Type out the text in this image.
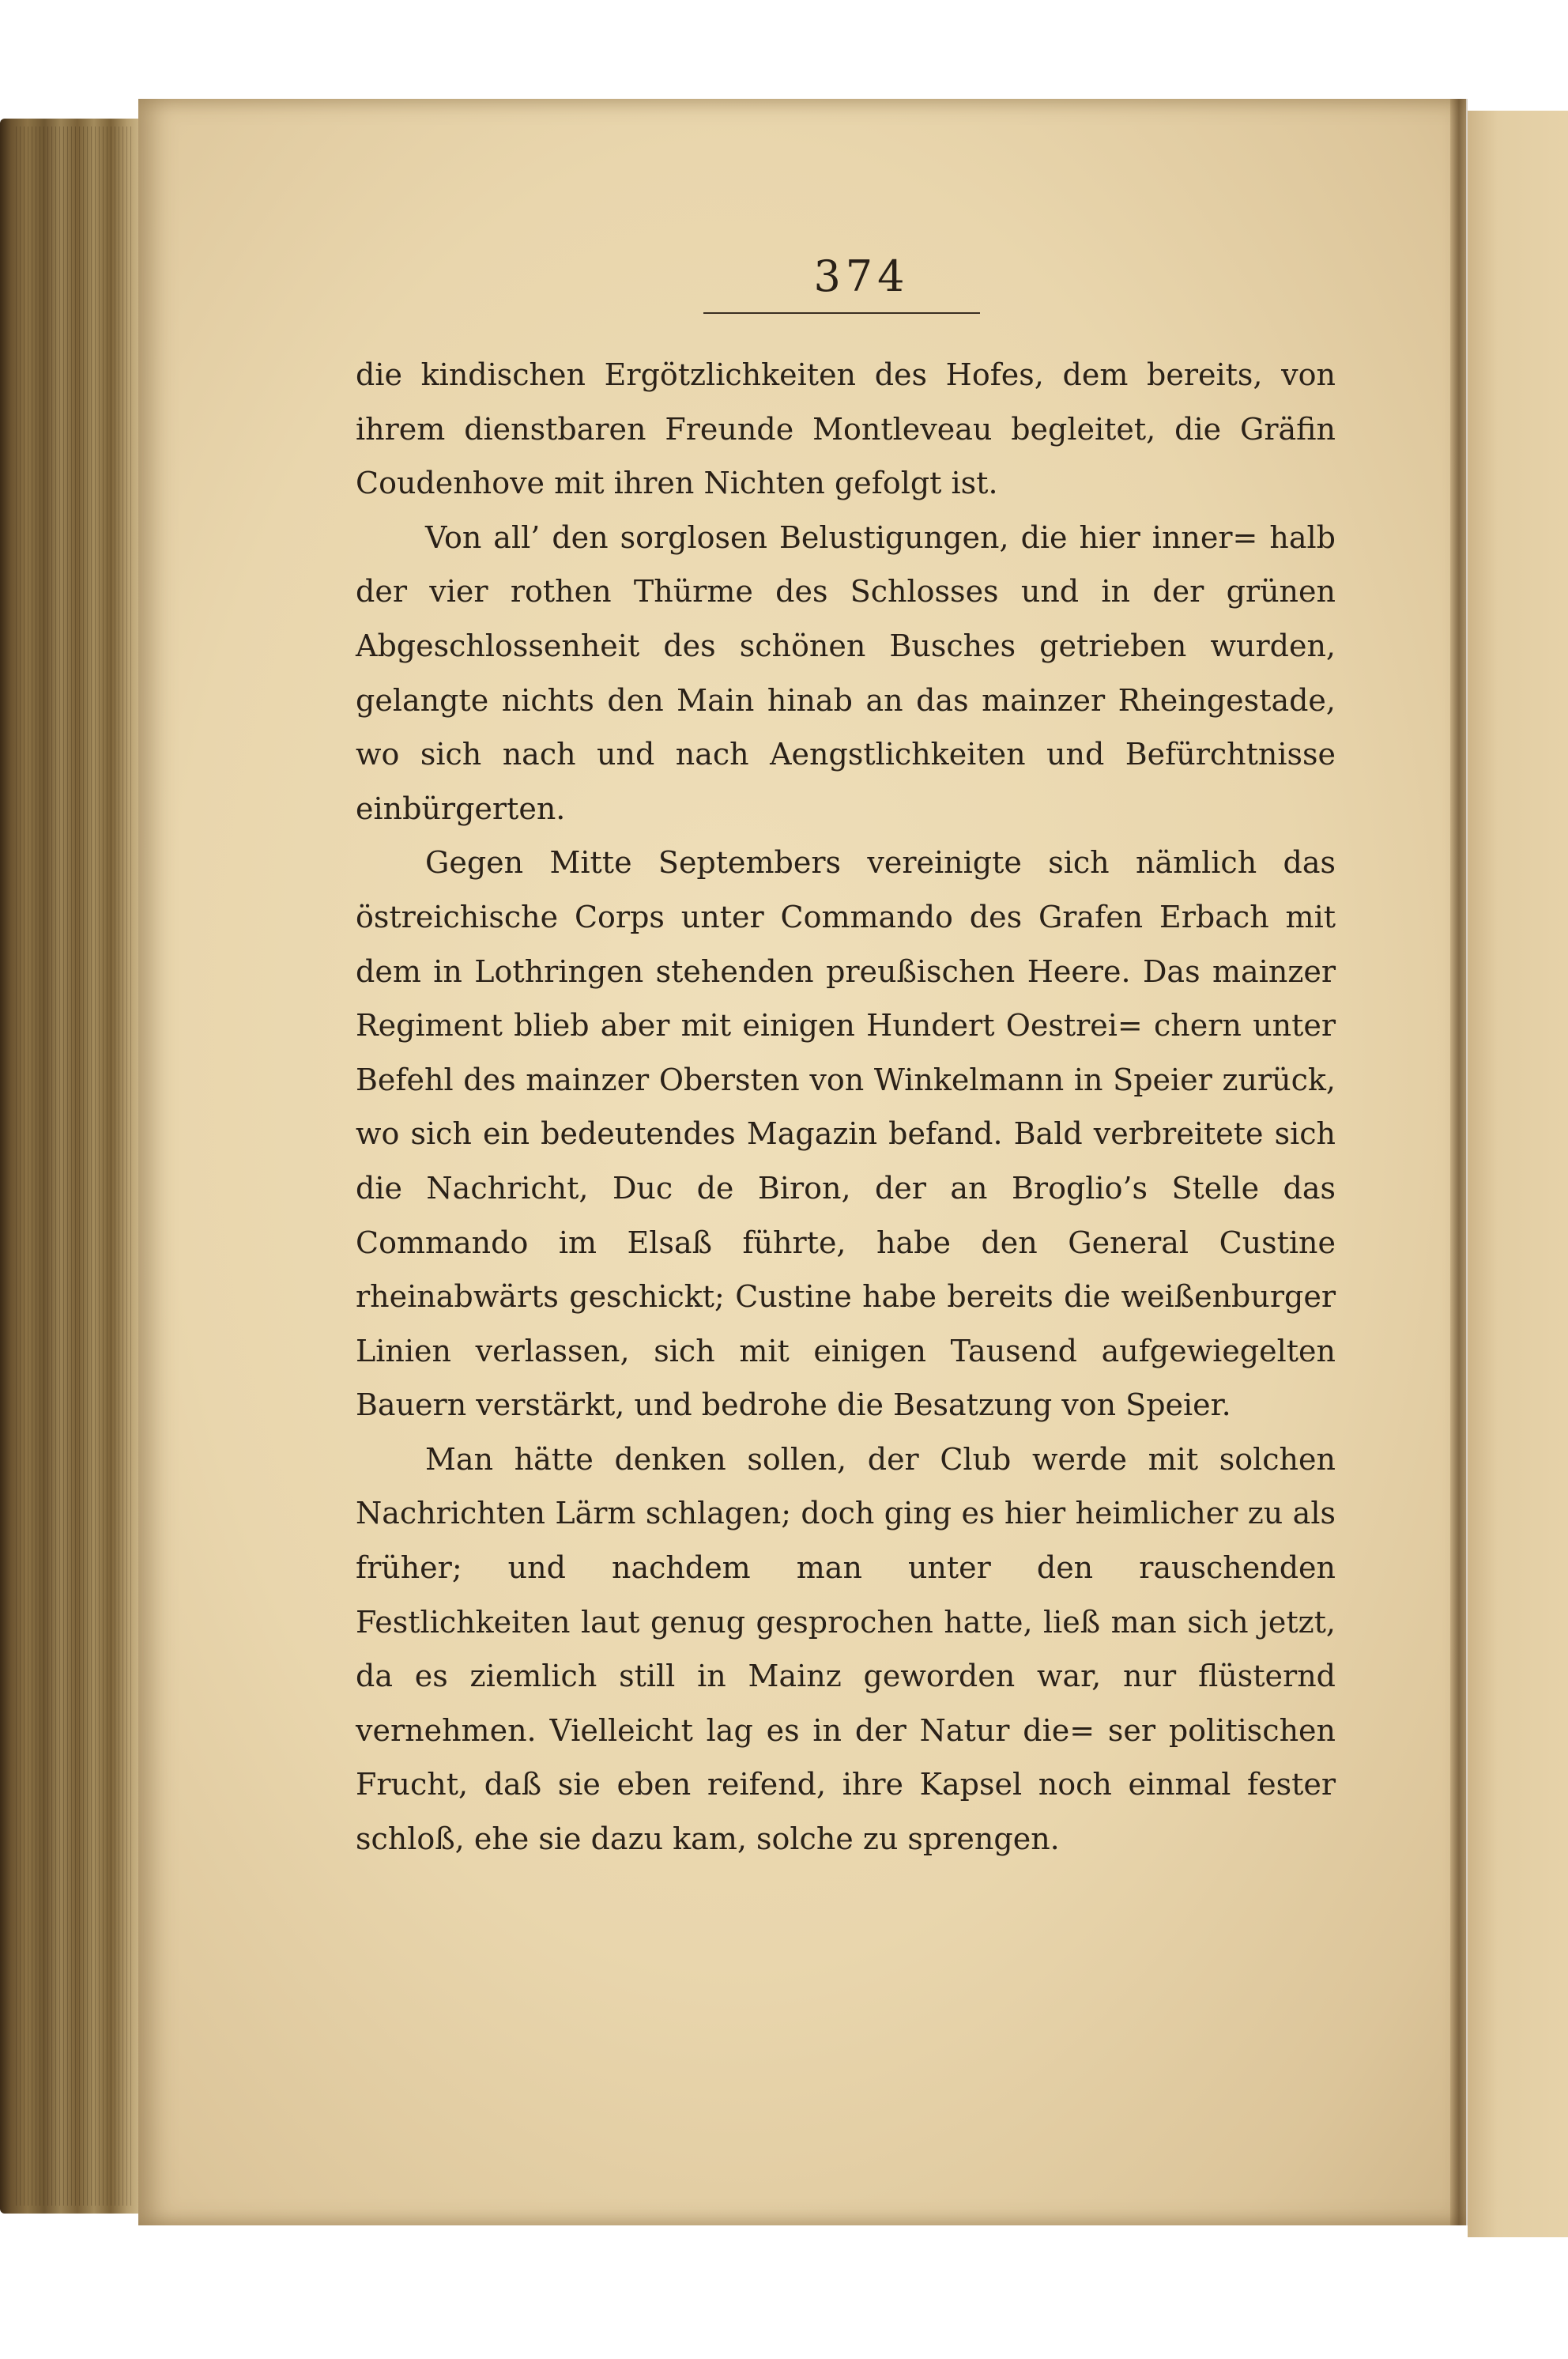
374

die kindischen Ergötzlichkeiten des Hofes, dem bereits, von ihrem dienstbaren Freunde Montleveau begleitet, die Gräfin Coudenhove mit ihren Nichten gefolgt ist.

Von all’ den sorglosen Belustigungen, die hier inner= halb der vier rothen Thürme des Schlosses und in der grünen Abgeschlossenheit des schönen Busches getrieben wurden, gelangte nichts den Main hinab an das mainzer Rheingestade, wo sich nach und nach Aengstlichkeiten und Befürchtnisse einbürgerten.

Gegen Mitte Septembers vereinigte sich nämlich das östreichische Corps unter Commando des Grafen Erbach mit dem in Lothringen stehenden preußischen Heere. Das mainzer Regiment blieb aber mit einigen Hundert Oestrei= chern unter Befehl des mainzer Obersten von Winkelmann in Speier zurück, wo sich ein bedeutendes Magazin befand. Bald verbreitete sich die Nachricht, Duc de Biron, der an Broglio’s Stelle das Commando im Elsaß führte, habe den General Custine rheinabwärts geschickt; Custine habe bereits die weißenburger Linien verlassen, sich mit einigen Tausend aufgewiegelten Bauern verstärkt, und bedrohe die Besatzung von Speier.

Man hätte denken sollen, der Club werde mit solchen Nachrichten Lärm schlagen; doch ging es hier heimlicher zu als früher; und nachdem man unter den rauschenden Festlichkeiten laut genug gesprochen hatte, ließ man sich jetzt, da es ziemlich still in Mainz geworden war, nur flüsternd vernehmen. Vielleicht lag es in der Natur die= ser politischen Frucht, daß sie eben reifend, ihre Kapsel noch einmal fester schloß, ehe sie dazu kam, solche zu sprengen.
